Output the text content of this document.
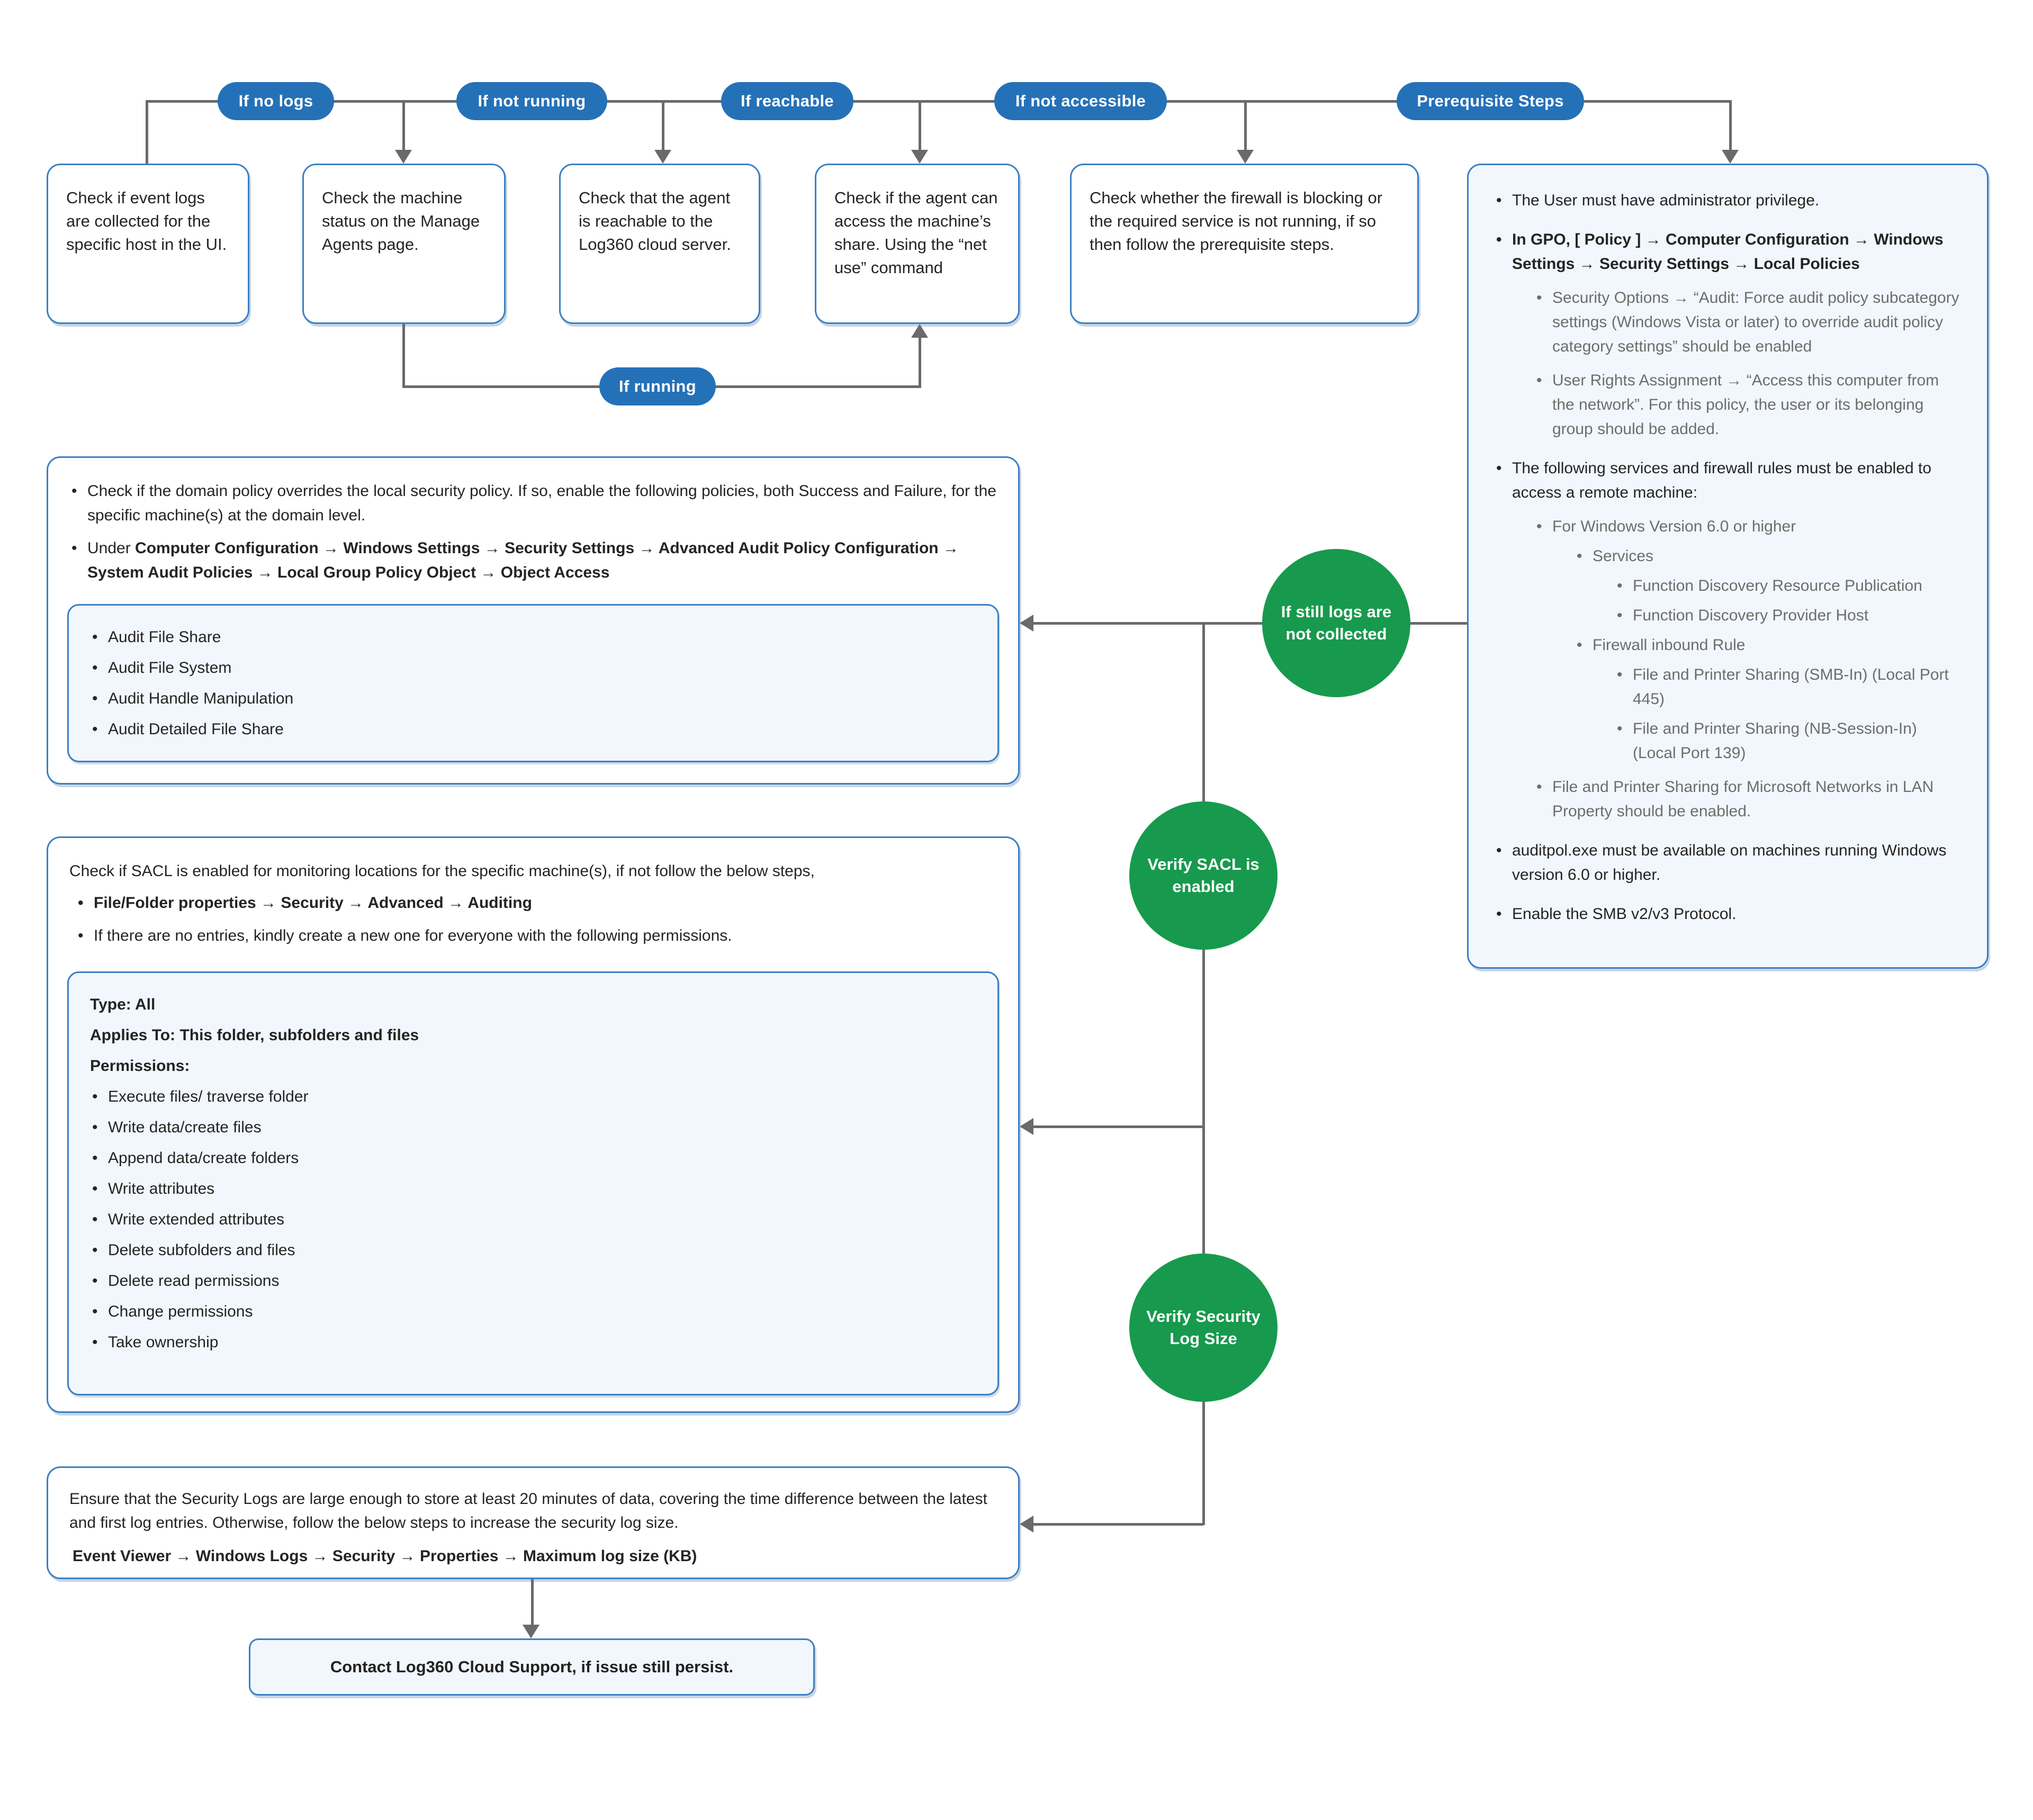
If no logs	If not running	If reachable	If not accessible	Prerequisite Steps
If running
Check if event logs are collected for the specific host in the UI.
Check the machine status on the Manage Agents page.
Check that the agent is reachable to the Log360 cloud server.
Check if the agent can access the machine’s share. Using the “net use” command
Check whether the firewall is blocking or the required service is not running, if so then follow the prerequisite steps.
• The User must have administrator privilege.
• In GPO, [ Policy ] → Computer Configuration → Windows Settings → Security Settings → Local Policies
• Security Options → “Audit: Force audit policy subcategory settings (Windows Vista or later) to override audit policy category settings” should be enabled
• User Rights Assignment → “Access this computer from the network”. For this policy, the user or its belonging group should be added.
• The following services and firewall rules must be enabled to access a remote machine:
• For Windows Version 6.0 or higher
• Services
• Function Discovery Resource Publication
• Function Discovery Provider Host
• Firewall inbound Rule
• File and Printer Sharing (SMB-In) (Local Port 445)
• File and Printer Sharing (NB-Session-In) (Local Port 139)
• File and Printer Sharing for Microsoft Networks in LAN Property should be enabled.
• auditpol.exe must be available on machines running Windows version 6.0 or higher.
• Enable the SMB v2/v3 Protocol.
• Check if the domain policy overrides the local security policy. If so, enable the following policies, both Success and Failure, for the specific machine(s) at the domain level.
• Under Computer Configuration → Windows Settings → Security Settings → Advanced Audit Policy Configuration → System Audit Policies → Local Group Policy Object → Object Access
• Audit File Share
• Audit File System
• Audit Handle Manipulation
• Audit Detailed File Share
Check if SACL is enabled for monitoring locations for the specific machine(s), if not follow the below steps,
• File/Folder properties → Security → Advanced → Auditing
• If there are no entries, kindly create a new one for everyone with the following permissions.
Type: All
Applies To: This folder, subfolders and files
Permissions:
• Execute files/ traverse folder
• Write data/create files
• Append data/create folders
• Write attributes
• Write extended attributes
• Delete subfolders and files
• Delete read permissions
• Change permissions
• Take ownership
Ensure that the Security Logs are large enough to store at least 20 minutes of data, covering the time difference between the latest and first log entries. Otherwise, follow the below steps to increase the security log size.
Event Viewer → Windows Logs → Security → Properties → Maximum log size (KB)
Contact Log360 Cloud Support, if issue still persist.
If still logs are not collected
Verify SACL is enabled
Verify Security Log Size
